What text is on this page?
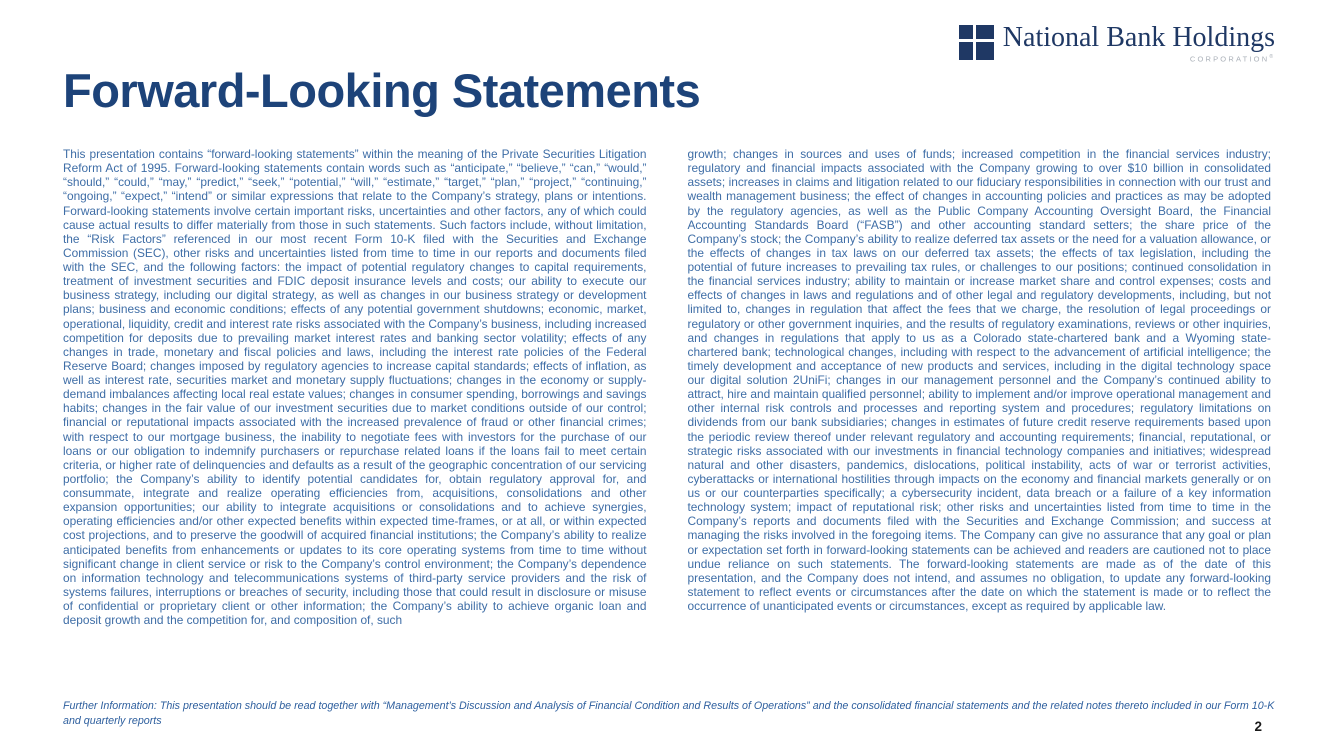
National Bank Holdings
CORPORATION®
Forward-Looking Statements
This presentation contains “forward-looking statements” within the meaning of the Private Securities Litigation Reform Act of 1995. Forward-looking statements contain words such as “anticipate,” “believe,” “can,” “would,” “should,” “could,” “may,” “predict,” “seek,” “potential,” “will,” “estimate,” “target,” “plan,” “project,” “continuing,” “ongoing,” “expect,” “intend” or similar expressions that relate to the Company’s strategy, plans or intentions. Forward-looking statements involve certain important risks, uncertainties and other factors, any of which could cause actual results to differ materially from those in such statements. Such factors include, without limitation, the “Risk Factors” referenced in our most recent Form 10-K filed with the Securities and Exchange Commission (SEC), other risks and uncertainties listed from time to time in our reports and documents filed with the SEC, and the following factors: the impact of potential regulatory changes to capital requirements, treatment of investment securities and FDIC deposit insurance levels and costs; our ability to execute our business strategy, including our digital strategy, as well as changes in our business strategy or development plans; business and economic conditions; effects of any potential government shutdowns; economic, market, operational, liquidity, credit and interest rate risks associated with the Company’s business, including increased competition for deposits due to prevailing market interest rates and banking sector volatility; effects of any changes in trade, monetary and fiscal policies and laws, including the interest rate policies of the Federal Reserve Board; changes imposed by regulatory agencies to increase capital standards; effects of inflation, as well as interest rate, securities market and monetary supply fluctuations; changes in the economy or supply-demand imbalances affecting local real estate values; changes in consumer spending, borrowings and savings habits; changes in the fair value of our investment securities due to market conditions outside of our control; financial or reputational impacts associated with the increased prevalence of fraud or other financial crimes; with respect to our mortgage business, the inability to negotiate fees with investors for the purchase of our loans or our obligation to indemnify purchasers or repurchase related loans if the loans fail to meet certain criteria, or higher rate of delinquencies and defaults as a result of the geographic concentration of our servicing portfolio; the Company’s ability to identify potential candidates for, obtain regulatory approval for, and consummate, integrate and realize operating efficiencies from, acquisitions, consolidations and other expansion opportunities; our ability to integrate acquisitions or consolidations and to achieve synergies, operating efficiencies and/or other expected benefits within expected time-frames, or at all, or within expected cost projections, and to preserve the goodwill of acquired financial institutions; the Company’s ability to realize anticipated benefits from enhancements or updates to its core operating systems from time to time without significant change in client service or risk to the Company’s control environment; the Company’s dependence on information technology and telecommunications systems of third-party service providers and the risk of systems failures, interruptions or breaches of security, including those that could result in disclosure or misuse of confidential or proprietary client or other information; the Company’s ability to achieve organic loan and deposit growth and the competition for, and composition of, such
growth; changes in sources and uses of funds; increased competition in the financial services industry; regulatory and financial impacts associated with the Company growing to over $10 billion in consolidated assets; increases in claims and litigation related to our fiduciary responsibilities in connection with our trust and wealth management business; the effect of changes in accounting policies and practices as may be adopted by the regulatory agencies, as well as the Public Company Accounting Oversight Board, the Financial Accounting Standards Board (“FASB”) and other accounting standard setters; the share price of the Company’s stock; the Company’s ability to realize deferred tax assets or the need for a valuation allowance, or the effects of changes in tax laws on our deferred tax assets; the effects of tax legislation, including the potential of future increases to prevailing tax rules, or challenges to our positions; continued consolidation in the financial services industry; ability to maintain or increase market share and control expenses; costs and effects of changes in laws and regulations and of other legal and regulatory developments, including, but not limited to, changes in regulation that affect the fees that we charge, the resolution of legal proceedings or regulatory or other government inquiries, and the results of regulatory examinations, reviews or other inquiries, and changes in regulations that apply to us as a Colorado state-chartered bank and a Wyoming state-chartered bank; technological changes, including with respect to the advancement of artificial intelligence; the timely development and acceptance of new products and services, including in the digital technology space our digital solution 2UniFi; changes in our management personnel and the Company’s continued ability to attract, hire and maintain qualified personnel; ability to implement and/or improve operational management and other internal risk controls and processes and reporting system and procedures; regulatory limitations on dividends from our bank subsidiaries; changes in estimates of future credit reserve requirements based upon the periodic review thereof under relevant regulatory and accounting requirements; financial, reputational, or strategic risks associated with our investments in financial technology companies and initiatives; widespread natural and other disasters, pandemics, dislocations, political instability, acts of war or terrorist activities, cyberattacks or international hostilities through impacts on the economy and financial markets generally or on us or our counterparties specifically; a cybersecurity incident, data breach or a failure of a key information technology system; impact of reputational risk; other risks and uncertainties listed from time to time in the Company’s reports and documents filed with the Securities and Exchange Commission; and success at managing the risks involved in the foregoing items. The Company can give no assurance that any goal or plan or expectation set forth in forward-looking statements can be achieved and readers are cautioned not to place undue reliance on such statements. The forward-looking statements are made as of the date of this presentation, and the Company does not intend, and assumes no obligation, to update any forward-looking statement to reflect events or circumstances after the date on which the statement is made or to reflect the occurrence of unanticipated events or circumstances, except as required by applicable law.
Further Information: This presentation should be read together with “Management’s Discussion and Analysis of Financial Condition and Results of Operations” and the consolidated financial statements and the related notes thereto included in our Form 10-K and quarterly reports	2
